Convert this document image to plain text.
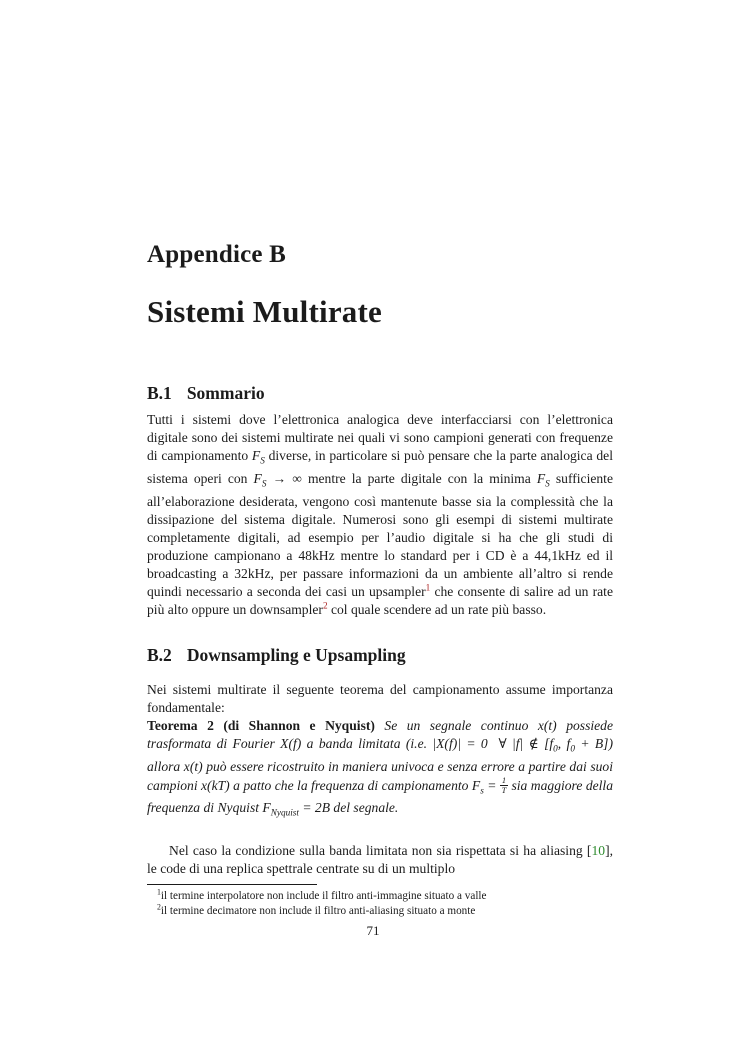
Appendice B
Sistemi Multirate
B.1 Sommario

Tutti i sistemi dove l’elettronica analogica deve interfacciarsi con l’elettronica digitale sono dei sistemi multirate nei quali vi sono campioni generati con frequenze di campionamento $F_S$ diverse, in particolare si può pensare che la parte analogica del sistema operi con $F_S$ → ∞ mentre la parte digitale con la minima $F_S$ sufficiente all’elaborazione desiderata, vengono così mantenute basse sia la complessità che la dissipazione del sistema digitale. Numerosi sono gli esempi di sistemi multirate completamente digitali, ad esempio per l’audio digitale si ha che gli studi di produzione campionano a 48kHz mentre lo standard per i CD è a 44,1kHz ed il broadcasting a 32kHz, per passare informazioni da un ambiente all’altro si rende quindi necessario a seconda dei casi un upsampler$^1$ che consente di salire ad un rate più alto oppure un downsampler$^2$ col quale scendere ad un rate più basso.

B.2 Downsampling e Upsampling

Nei sistemi multirate il seguente teorema del campionamento assume importanza fondamentale:

Teorema 2 (di Shannon e Nyquist) Se un segnale continuo x(t) possiede trasformata di Fourier X(f) a banda limitata (i.e. |X(f)| = 0  ∀ |f| ∉ [$f_0$, $f_0 + B$]) allora x(t) può essere ricostruito in maniera univoca e senza errore a partire dai suoi campioni x(kT) a patto che la frequenza di campionamento $F_s = \frac{1}{T}$ sia maggiore della frequenza di Nyquist $F_{Nyquist} = 2B$ del segnale.

Nel caso la condizione sulla banda limitata non sia rispettata si ha aliasing [10], le code di una replica spettrale centrate su di un multiplo

$^1$il termine interpolatore non include il filtro anti-immagine situato a valle

$^2$il termine decimatore non include il filtro anti-aliasing situato a monte

71
